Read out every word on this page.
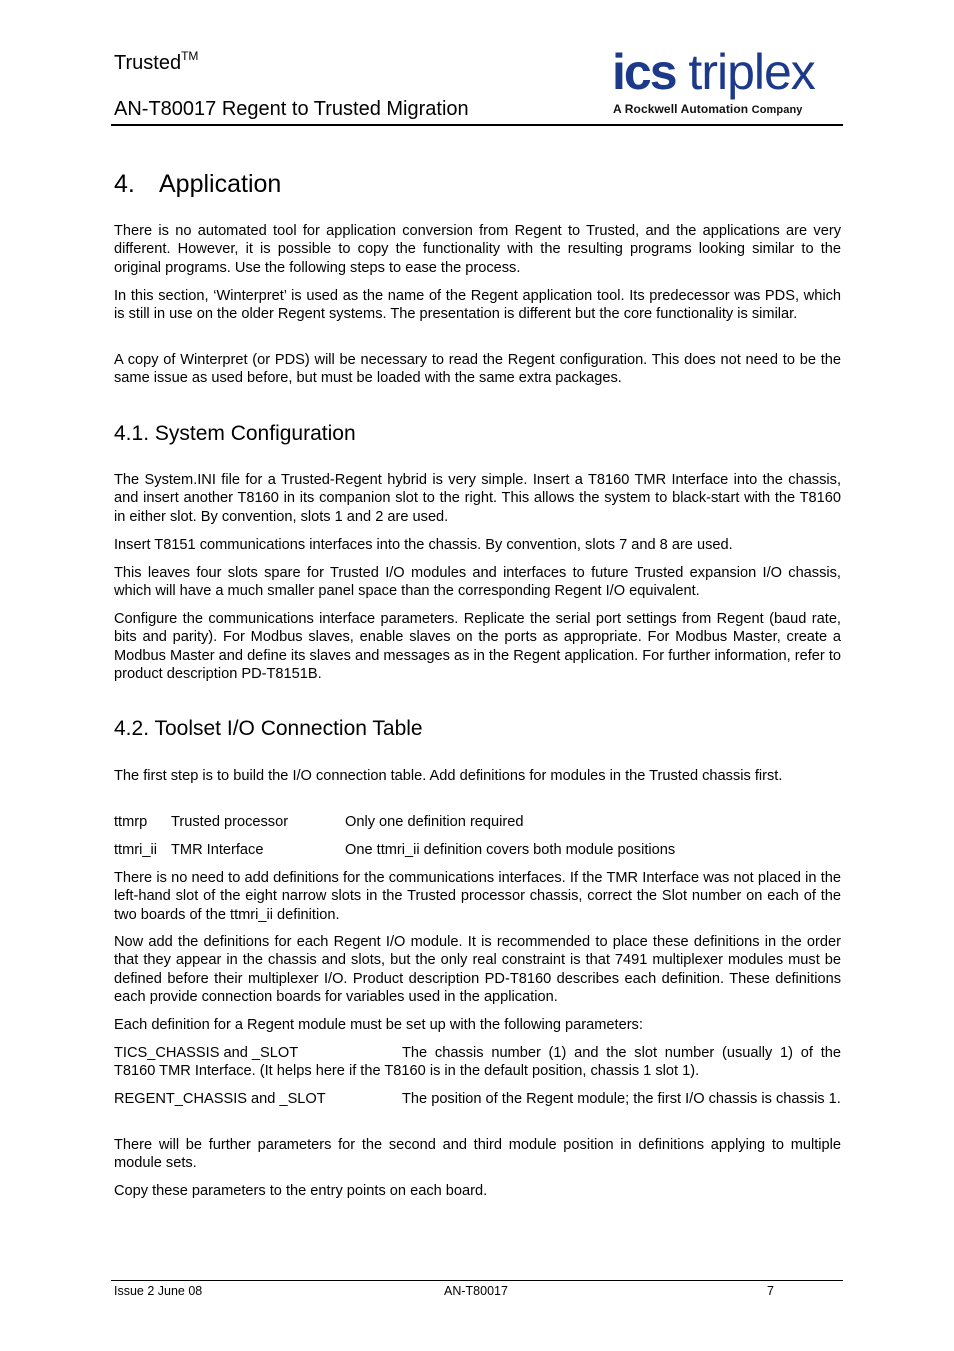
Trusted™
AN-T80017 Regent to Trusted Migration
ics triplex
A Rockwell Automation Company
4. Application

There is no automated tool for application conversion from Regent to Trusted, and the applications are very different. However, it is possible to copy the functionality with the resulting programs looking similar to the original programs. Use the following steps to ease the process.

In this section, ‘Winterpret’ is used as the name of the Regent application tool. Its predecessor was PDS, which is still in use on the older Regent systems. The presentation is different but the core functionality is similar.

A copy of Winterpret (or PDS) will be necessary to read the Regent configuration. This does not need to be the same issue as used before, but must be loaded with the same extra packages.

4.1. System Configuration

The System.INI file for a Trusted-Regent hybrid is very simple. Insert a T8160 TMR Interface into the chassis, and insert another T8160 in its companion slot to the right. This allows the system to black-start with the T8160 in either slot. By convention, slots 1 and 2 are used.

Insert T8151 communications interfaces into the chassis. By convention, slots 7 and 8 are used.

This leaves four slots spare for Trusted I/O modules and interfaces to future Trusted expansion I/O chassis, which will have a much smaller panel space than the corresponding Regent I/O equivalent.

Configure the communications interface parameters. Replicate the serial port settings from Regent (baud rate, bits and parity). For Modbus slaves, enable slaves on the ports as appropriate. For Modbus Master, create a Modbus Master and define its slaves and messages as in the Regent application. For further information, refer to product description PD-T8151B.

4.2. Toolset I/O Connection Table

The first step is to build the I/O connection table. Add definitions for modules in the Trusted chassis first.

ttmrp Trusted processor	Only one definition required
ttmri_ii TMR Interface	One ttmri_ii definition covers both module positions

There is no need to add definitions for the communications interfaces. If the TMR Interface was not placed in the left-hand slot of the eight narrow slots in the Trusted processor chassis, correct the Slot number on each of the two boards of the ttmri_ii definition.

Now add the definitions for each Regent I/O module. It is recommended to place these definitions in the order that they appear in the chassis and slots, but the only real constraint is that 7491 multiplexer modules must be defined before their multiplexer I/O. Product description PD-T8160 describes each definition. These definitions each provide connection boards for variables used in the application.

Each definition for a Regent module must be set up with the following parameters:

TICS_CHASSIS and _SLOT	The chassis number (1) and the slot number (usually 1) of the T8160 TMR Interface. (It helps here if the T8160 is in the default position, chassis 1 slot 1).
REGENT_CHASSIS and _SLOT	The position of the Regent module; the first I/O chassis is chassis 1.

There will be further parameters for the second and third module position in definitions applying to multiple module sets.

Copy these parameters to the entry points on each board.

Issue 2 June 08	AN-T80017	7
